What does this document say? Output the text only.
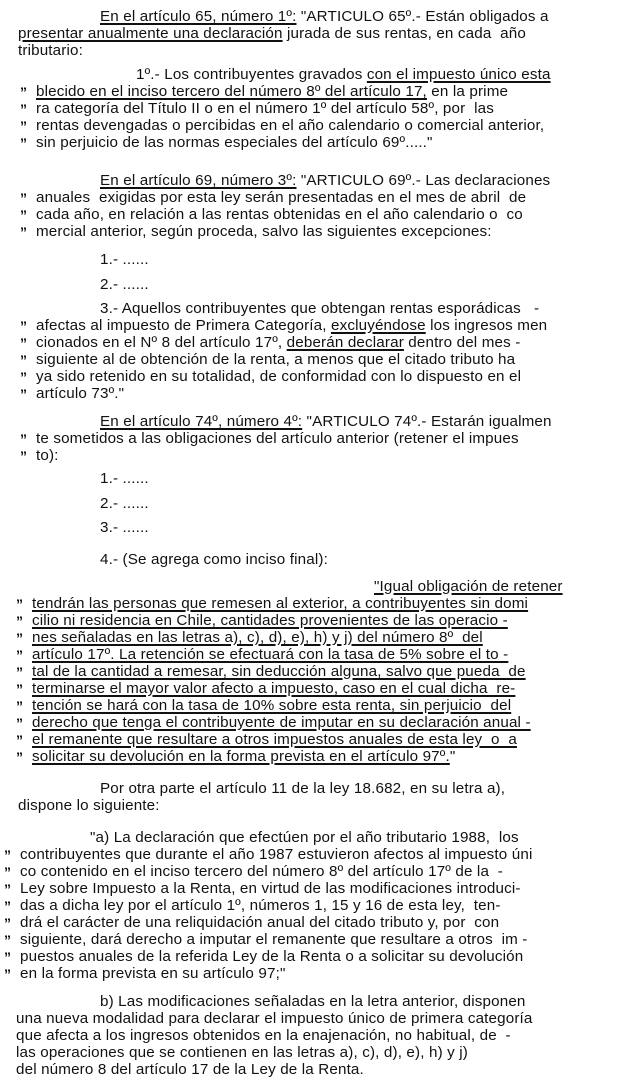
En el artículo 65, número 1º: "ARTICULO 65º.- Están obligados a
presentar anualmente una declaración jurada de sus rentas, en cada  año
tributario:
1º.- Los contribuyentes gravados con el impuesto único esta
” blecido en el inciso tercero del número 8º del artículo 17, en la prime
” ra categoría del Título II o en el número 1º del artículo 58º, por  las
” rentas devengadas o percibidas en el año calendario o comercial anterior,
” sin perjuicio de las normas especiales del artículo 69º....."
En el artículo 69, número 3º: "ARTICULO 69º.- Las declaraciones
” anuales  exigidas por esta ley serán presentadas en el mes de abril  de
” cada año, en relación a las rentas obtenidas en el año calendario o  co
” mercial anterior, según proceda, salvo las siguientes excepciones:
1.- ......
2.- ......
3.- Aquellos contribuyentes que obtengan rentas esporádicas   -
” afectas al impuesto de Primera Categoría, excluyéndose los ingresos men
” cionados en el Nº 8 del artículo 17º, deberán declarar dentro del mes -
” siguiente al de obtención de la renta, a menos que el citado tributo ha
” ya sido retenido en su totalidad, de conformidad con lo dispuesto en el
” artículo 73º."
En el artículo 74º, número 4º: "ARTICULO 74º.- Estarán igualmen
” te sometidos a las obligaciones del artículo anterior (retener el impues
” to):
1.- ......
2.- ......
3.- ......
4.- (Se agrega como inciso final):
"Igual obligación de retener
” tendrán las personas que remesen al exterior, a contribuyentes sin domi
” cilio ni residencia en Chile, cantidades provenientes de las operacio -
” nes señaladas en las letras a), c), d), e), h) y j) del número 8º  del
” artículo 17º. La retención se efectuará con la tasa de 5% sobre el to -
” tal de la cantidad a remesar, sin deducción alguna, salvo que pueda  de
” terminarse el mayor valor afecto a impuesto, caso en el cual dicha  re-
” tención se hará con la tasa de 10% sobre esta renta, sin perjuicio  del
” derecho que tenga el contribuyente de imputar en su declaración anual -
” el remanente que resultare a otros impuestos anuales de esta ley  o  a
” solicitar su devolución en la forma prevista en el artículo 97º."
Por otra parte el artículo 11 de la ley 18.682, en su letra a),
dispone lo siguiente:
"a) La declaración que efectúen por el año tributario 1988,  los
” contribuyentes que durante el año 1987 estuvieron afectos al impuesto úni
” co contenido en el inciso tercero del número 8º del artículo 17º de la  -
” Ley sobre Impuesto a la Renta, en virtud de las modificaciones introduci-
” das a dicha ley por el artículo 1º, números 1, 15 y 16 de esta ley,  ten-
” drá el carácter de una reliquidación anual del citado tributo y, por  con
” siguiente, dará derecho a imputar el remanente que resultare a otros  im -
” puestos anuales de la referida Ley de la Renta o a solicitar su devolución
” en la forma prevista en su artículo 97;"
b) Las modificaciones señaladas en la letra anterior, disponen
una nueva modalidad para declarar el impuesto único de primera categoría
que afecta a los ingresos obtenidos en la enajenación, no habitual, de  -
las operaciones que se contienen en las letras a), c), d), e), h) y j)
del número 8 del artículo 17 de la Ley de la Renta.
